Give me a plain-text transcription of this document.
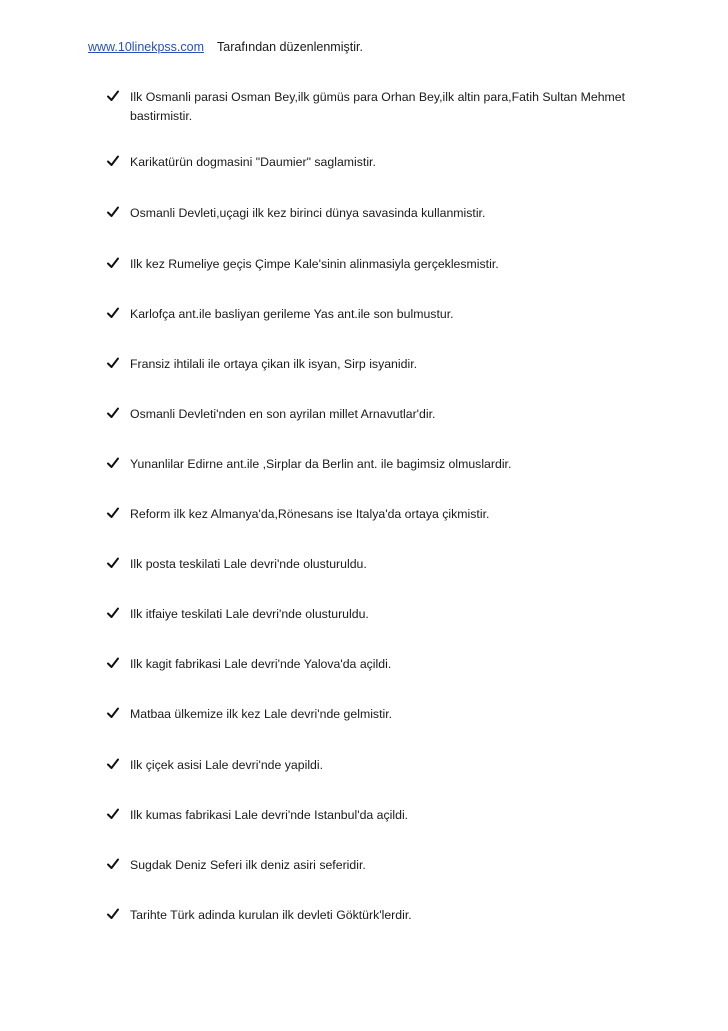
www.10linekpss.com Tarafından düzenlenmiştir.
Ilk Osmanli parasi Osman Bey,ilk gümüs para Orhan Bey,ilk altin para,Fatih Sultan Mehmet bastirmistir.
Karikatürün dogmasini "Daumier" saglamistir.
Osmanli Devleti,uçagi ilk kez birinci dünya savasinda kullanmistir.
Ilk kez Rumeliye geçis Çimpe Kale'sinin alinmasiyla gerçeklesmistir.
Karlofça ant.ile basliyan gerileme Yas ant.ile son bulmustur.
Fransiz ihtilali ile ortaya çikan ilk isyan, Sirp isyanidir.
Osmanli Devleti'nden en son ayrilan millet Arnavutlar'dir.
Yunanlilar Edirne ant.ile ,Sirplar da Berlin ant. ile bagimsiz olmuslardir.
Reform ilk kez Almanya'da,Rönesans ise Italya'da ortaya çikmistir.
Ilk posta teskilati Lale devri'nde olusturuldu.
Ilk itfaiye teskilati Lale devri'nde olusturuldu.
Ilk kagit fabrikasi Lale devri'nde Yalova'da açildi.
Matbaa ülkemize ilk kez Lale devri'nde gelmistir.
Ilk çiçek asisi Lale devri'nde yapildi.
Ilk kumas fabrikasi Lale devri'nde Istanbul'da açildi.
Sugdak Deniz Seferi ilk deniz asiri seferidir.
Tarihte Türk adinda kurulan ilk devleti Göktürk'lerdir.
